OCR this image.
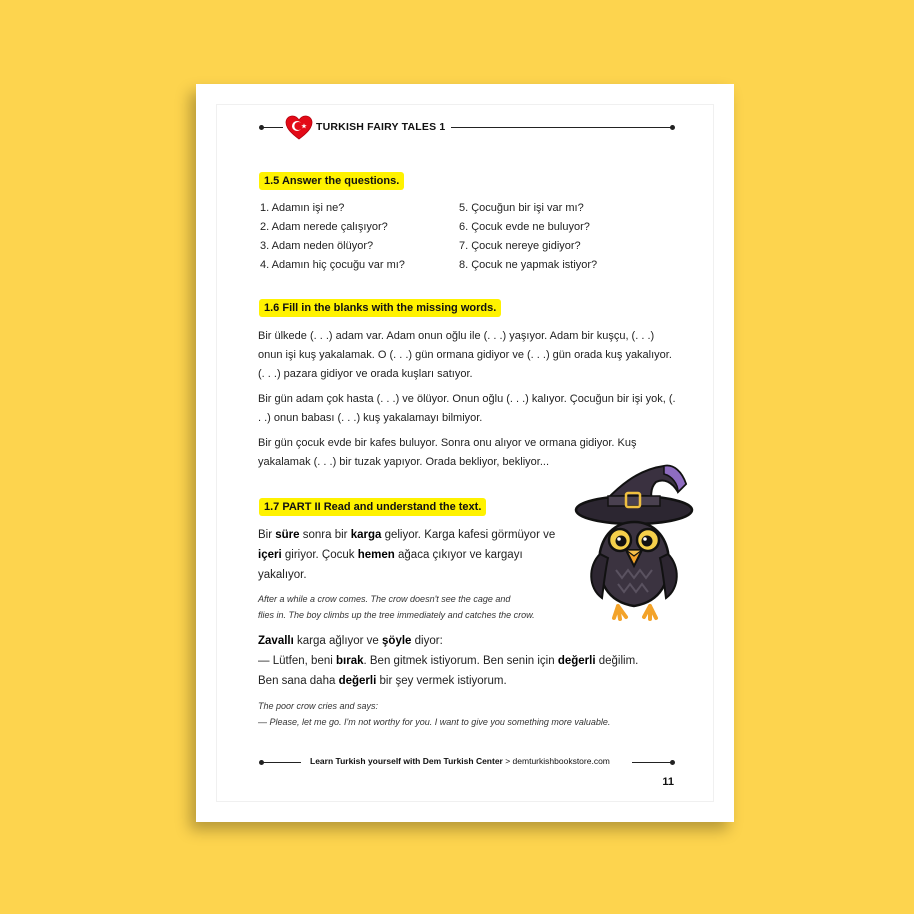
TURKISH FAIRY TALES 1
1.5 Answer the questions.
1. Adamın işi ne?
2. Adam nerede çalışıyor?
3. Adam neden ölüyor?
4. Adamın hiç çocuğu var mı?
5. Çocuğun bir işi var mı?
6. Çocuk evde ne buluyor?
7. Çocuk nereye gidiyor?
8. Çocuk ne yapmak istiyor?
1.6 Fill in the blanks with the missing words.
Bir ülkede (. . .) adam var. Adam onun oğlu ile (. . .) yaşıyor. Adam bir kuşçu, (. . .) onun işi kuş yakalamak. O (. . .) gün ormana gidiyor ve (. . .) gün orada kuş yakalıyor. (. . .) pazara gidiyor ve orada kuşları satıyor.
Bir gün adam çok hasta (. . .) ve ölüyor. Onun oğlu (. . .) kalıyor. Çocuğun bir işi yok, (. . .) onun babası (. . .) kuş yakalamayı bilmiyor.
Bir gün çocuk evde bir kafes buluyor. Sonra onu alıyor ve ormana gidiyor. Kuş yakalamak (. . .) bir tuzak yapıyor. Orada bekliyor, bekliyor...
1.7 PART II Read and understand the text.
Bir süre sonra bir karga geliyor. Karga kafesi görmüyor ve içeri giriyor. Çocuk hemen ağaca çıkıyor ve kargayı yakalıyor.
After a while a crow comes. The crow doesn't see the cage and
flies in. The boy climbs up the tree immediately and catches the crow.
Zavallı karga ağlıyor ve şöyle diyor:
— Lütfen, beni bırak. Ben gitmek istiyorum. Ben senin için değerli değilim.
Ben sana daha değerli bir şey vermek istiyorum.
The poor crow cries and says:
— Please, let me go. I'm not worthy for you. I want to give you something more valuable.
Learn Turkish yourself with Dem Turkish Center > demturkishbookstore.com
11
